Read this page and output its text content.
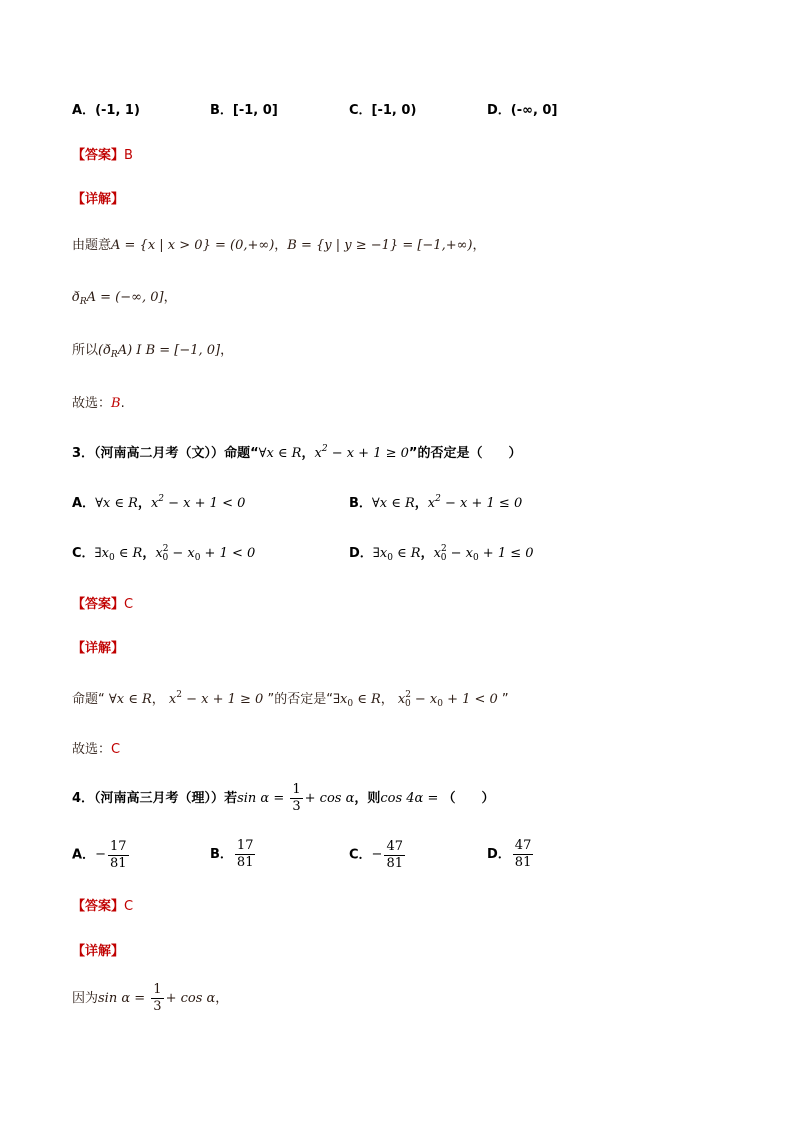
A．(-1, 1)	B．[-1, 0]	C．[-1, 0)	D．(-∞, 0]
【答案】B
【详解】
由题意A = {x | x > 0} = (0,+∞)，B = {y | y ≥ −1} = [−1,+∞)，
$ð_RA$ = (−∞, 0]，
所以$(ð_RA)$ I B = [−1, 0]，
故选：B.
3．（河南高二月考（文））命题“∀x ∈ R，$x^2 - x + 1 \ge 0$”的否定是（　　）
A．∀x ∈ R，$x^2 - x + 1 < 0$	B．∀x ∈ R，$x^2 - x + 1 \le 0$
C．$\exists x_0$ ∈ R，$x^2_0 - x_0 + 1 < 0$	D．$\exists x_0$ ∈ R，$x^2_0 - x_0 + 1 \le 0$
【答案】C
【详解】
命题“ ∀x ∈ R， $x^2 - x + 1 \ge 0$ ”的否定是“$\exists x_0$ ∈ R， $x^2_0 - x_0 + 1 < 0$ ”
故选：C
4．（河南高三月考（理））若$\sin \alpha = \frac{1}{3} + \cos \alpha$，则cos 4α = （　　）
A．− $\frac{17}{81}$	B． $\frac{17}{81}$	C．− $\frac{47}{81}$	D． $\frac{47}{81}$
【答案】C
【详解】
因为$\sin \alpha = \frac{1}{3} + \cos \alpha$，
